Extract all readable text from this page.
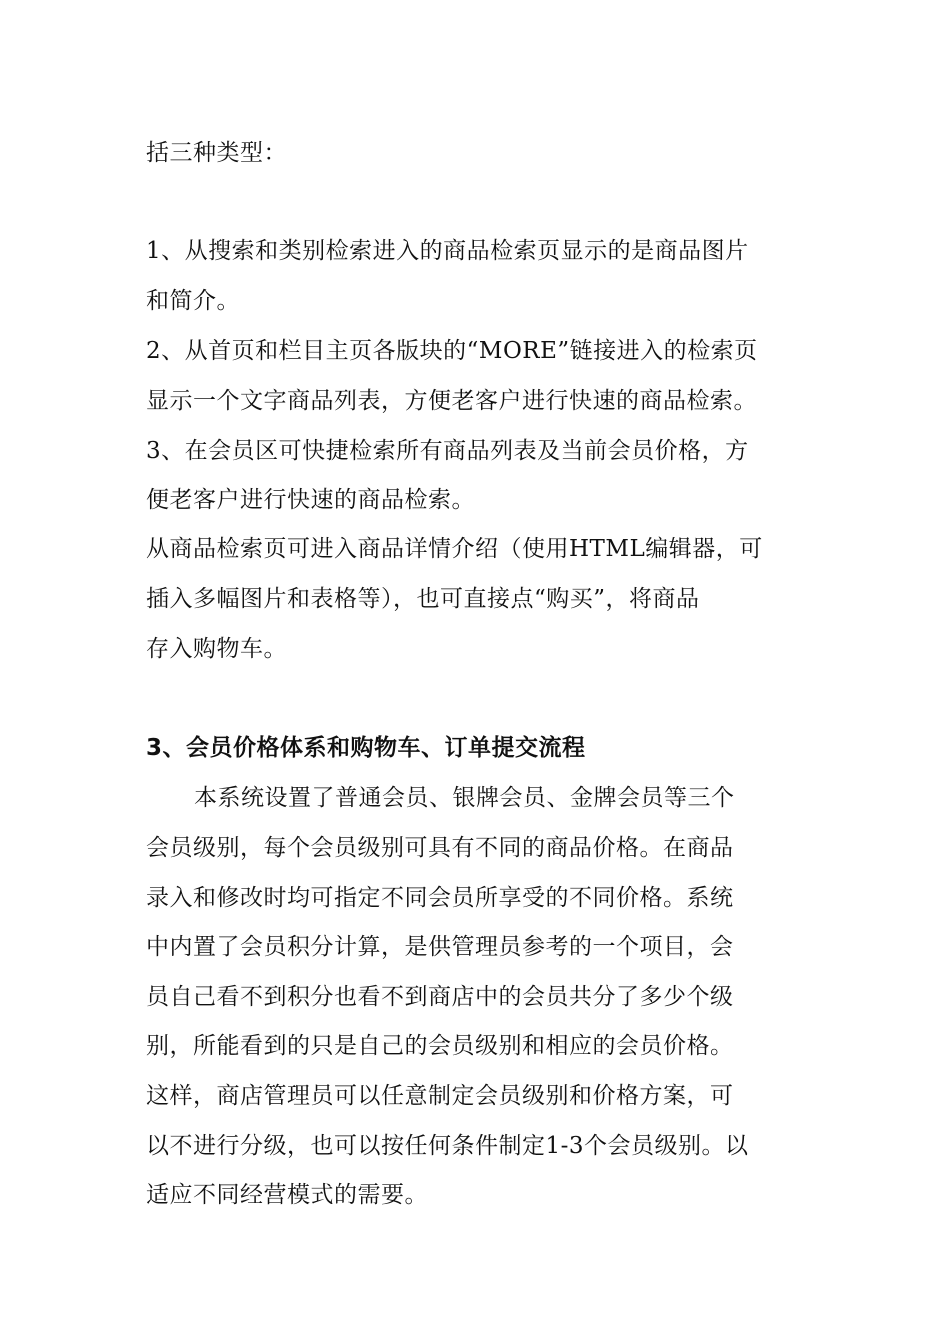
括三种类型：
1、从搜索和类别检索进入的商品检索页显示的是商品图片
和简介。
2、从首页和栏目主页各版块的“MORE”链接进入的检索页
显示一个文字商品列表，方便老客户进行快速的商品检索。
3、在会员区可快捷检索所有商品列表及当前会员价格，方
便老客户进行快速的商品检索。
从商品检索页可进入商品详情介绍（使用HTML编辑器，可
插入多幅图片和表格等），也可直接点“购买”，将商品
存入购物车。
3、会员价格体系和购物车、订单提交流程
本系统设置了普通会员、银牌会员、金牌会员等三个
会员级别，每个会员级别可具有不同的商品价格。在商品
录入和修改时均可指定不同会员所享受的不同价格。系统
中内置了会员积分计算，是供管理员参考的一个项目，会
员自己看不到积分也看不到商店中的会员共分了多少个级
别，所能看到的只是自己的会员级别和相应的会员价格。
这样，商店管理员可以任意制定会员级别和价格方案，可
以不进行分级，也可以按任何条件制定1-3个会员级别。以
适应不同经营模式的需要。
